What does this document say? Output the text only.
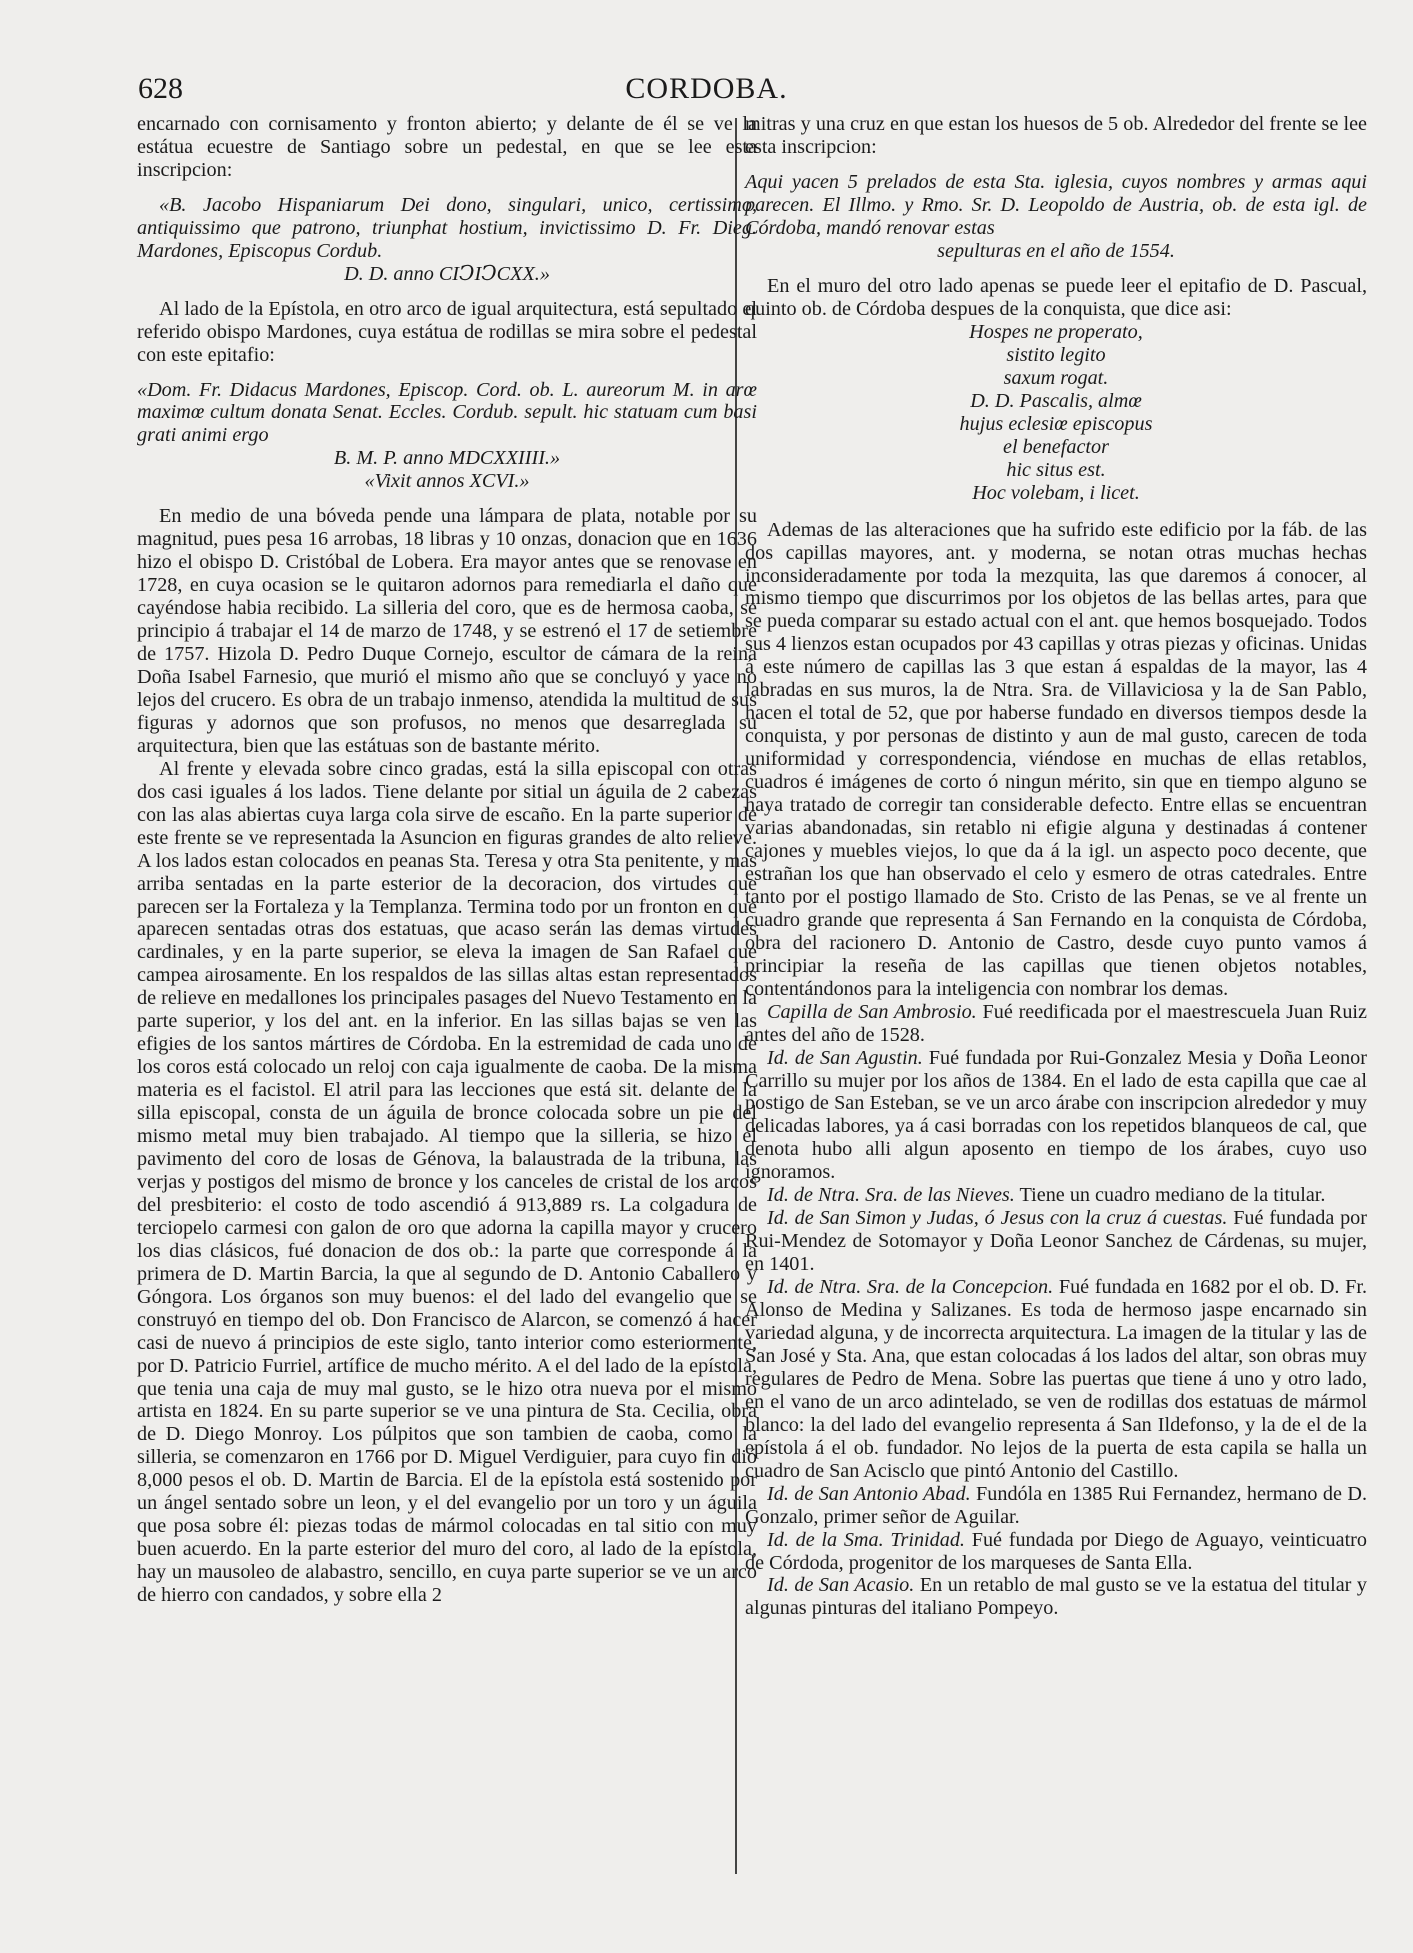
CORDOBA.
628

encarnado con cornisamento y fronton abierto; y delante de él se ve la estátua ecuestre de Santiago sobre un pedestal, en que se lee esta inscripcion:

«B. Jacobo Hispaniarum Dei dono, singulari, unico, certissimo, antiquissimo que patrono, triunphat hostium, invictissimo D. Fr. Dieg. Mardones, Episcopus Cordub.

D. D. anno CIↃIↃCXX.»

Al lado de la Epístola, en otro arco de igual arquitectura, está sepultado el referido obispo Mardones, cuya estátua de rodillas se mira sobre el pedestal con este epitafio:

«Dom. Fr. Didacus Mardones, Episcop. Cord. ob. L. aureorum M. in arœ maximœ cultum donata Senat. Eccles. Cordub. sepult. hic statuam cum basi grati animi ergo

B. M. P. anno MDCXXIIII.»

«Vixit annos XCVI.»

En medio de una bóveda pende una lámpara de plata, notable por su magnitud, pues pesa 16 arrobas, 18 libras y 10 onzas, donacion que en 1636 hizo el obispo D. Cristóbal de Lobera. Era mayor antes que se renovase en 1728, en cuya ocasion se le quitaron adornos para remediarla el daño que cayéndose habia recibido. La silleria del coro, que es de hermosa caoba, se principio á trabajar el 14 de marzo de 1748, y se estrenó el 17 de setiembre de 1757. Hizola D. Pedro Duque Cornejo, escultor de cámara de la reina Doña Isabel Farnesio, que murió el mismo año que se concluyó y yace no lejos del crucero. Es obra de un trabajo inmenso, atendida la multitud de sus figuras y adornos que son profusos, no menos que desarreglada su arquitectura, bien que las estátuas son de bastante mérito.

Al frente y elevada sobre cinco gradas, está la silla episcopal con otras dos casi iguales á los lados. Tiene delante por sitial un águila de 2 cabezas con las alas abiertas cuya larga cola sirve de escaño. En la parte superior de este frente se ve representada la Asuncion en figuras grandes de alto relieve. A los lados estan colocados en peanas Sta. Teresa y otra Sta penitente, y mas arriba sentadas en la parte esterior de la decoracion, dos virtudes que parecen ser la Fortaleza y la Templanza. Termina todo por un fronton en que aparecen sentadas otras dos estatuas, que acaso serán las demas virtudes cardinales, y en la parte superior, se eleva la imagen de San Rafael que campea airosamente. En los respaldos de las sillas altas estan representados de relieve en medallones los principales pasages del Nuevo Testamento en la parte superior, y los del ant. en la inferior. En las sillas bajas se ven las efigies de los santos mártires de Córdoba. En la estremidad de cada uno de los coros está colocado un reloj con caja igualmente de caoba. De la misma materia es el facistol. El atril para las lecciones que está sit. delante de la silla episcopal, consta de un águila de bronce colocada sobre un pie del mismo metal muy bien trabajado. Al tiempo que la silleria, se hizo el pavimento del coro de losas de Génova, la balaustrada de la tribuna, las verjas y postigos del mismo de bronce y los canceles de cristal de los arcos del presbiterio: el costo de todo ascendió á 913,889 rs. La colgadura de terciopelo carmesi con galon de oro que adorna la capilla mayor y crucero los dias clásicos, fué donacion de dos ob.: la parte que corresponde á la primera de D. Martin Barcia, la que al segundo de D. Antonio Caballero y Góngora. Los órganos son muy buenos: el del lado del evangelio que se construyó en tiempo del ob. Don Francisco de Alarcon, se comenzó á hacer casi de nuevo á principios de este siglo, tanto interior como esteriormente, por D. Patricio Furriel, artífice de mucho mérito. A el del lado de la epístola, que tenia una caja de muy mal gusto, se le hizo otra nueva por el mismo artista en 1824. En su parte superior se ve una pintura de Sta. Cecilia, obra de D. Diego Monroy. Los púlpitos que son tambien de caoba, como la silleria, se comenzaron en 1766 por D. Miguel Verdiguier, para cuyo fin dió 8,000 pesos el ob. D. Martin de Barcia. El de la epístola está sostenido por un ángel sentado sobre un leon, y el del evangelio por un toro y un águila que posa sobre él: piezas todas de mármol colocadas en tal sitio con muy buen acuerdo. En la parte esterior del muro del coro, al lado de la epístola, hay un mausoleo de alabastro, sencillo, en cuya parte superior se ve un arco de hierro con candados, y sobre ella 2

mitras y una cruz en que estan los huesos de 5 ob. Alrededor del frente se lee esta inscripcion:

Aqui yacen 5 prelados de esta Sta. iglesia, cuyos nombres y armas aqui parecen. El Illmo. y Rmo. Sr. D. Leopoldo de Austria, ob. de esta igl. de Córdoba, mandó renovar estas

sepulturas en el año de 1554.

En el muro del otro lado apenas se puede leer el epitafio de D. Pascual, quinto ob. de Córdoba despues de la conquista, que dice asi:

Hospes ne properato,
sistito legito
saxum rogat.
D. D. Pascalis, almœ
hujus eclesiœ episcopus
el benefactor
hic situs est.
Hoc volebam, i licet.

Ademas de las alteraciones que ha sufrido este edificio por la fáb. de las dos capillas mayores, ant. y moderna, se notan otras muchas hechas inconsideradamente por toda la mezquita, las que daremos á conocer, al mismo tiempo que discurrimos por los objetos de las bellas artes, para que se pueda comparar su estado actual con el ant. que hemos bosquejado. Todos sus 4 lienzos estan ocupados por 43 capillas y otras piezas y oficinas. Unidas á este número de capillas las 3 que estan á espaldas de la mayor, las 4 labradas en sus muros, la de Ntra. Sra. de Villaviciosa y la de San Pablo, hacen el total de 52, que por haberse fundado en diversos tiempos desde la conquista, y por personas de distinto y aun de mal gusto, carecen de toda uniformidad y correspondencia, viéndose en muchas de ellas retablos, cuadros é imágenes de corto ó ningun mérito, sin que en tiempo alguno se haya tratado de corregir tan considerable defecto. Entre ellas se encuentran varias abandonadas, sin retablo ni efigie alguna y destinadas á contener cajones y muebles viejos, lo que da á la igl. un aspecto poco decente, que estrañan los que han observado el celo y esmero de otras catedrales. Entre tanto por el postigo llamado de Sto. Cristo de las Penas, se ve al frente un cuadro grande que representa á San Fernando en la conquista de Córdoba, obra del racionero D. Antonio de Castro, desde cuyo punto vamos á principiar la reseña de las capillas que tienen objetos notables, contentándonos para la inteligencia con nombrar los demas.

Capilla de San Ambrosio. Fué reedificada por el maestrescuela Juan Ruiz antes del año de 1528.

Id. de San Agustin. Fué fundada por Rui-Gonzalez Mesia y Doña Leonor Carrillo su mujer por los años de 1384. En el lado de esta capilla que cae al postigo de San Esteban, se ve un arco árabe con inscripcion alrededor y muy delicadas labores, ya á casi borradas con los repetidos blanqueos de cal, que denota hubo alli algun aposento en tiempo de los árabes, cuyo uso ignoramos.

Id. de Ntra. Sra. de las Nieves. Tiene un cuadro mediano de la titular.

Id. de San Simon y Judas, ó Jesus con la cruz á cuestas. Fué fundada por Rui-Mendez de Sotomayor y Doña Leonor Sanchez de Cárdenas, su mujer, en 1401.

Id. de Ntra. Sra. de la Concepcion. Fué fundada en 1682 por el ob. D. Fr. Alonso de Medina y Salizanes. Es toda de hermoso jaspe encarnado sin variedad alguna, y de incorrecta arquitectura. La imagen de la titular y las de San José y Sta. Ana, que estan colocadas á los lados del altar, son obras muy regulares de Pedro de Mena. Sobre las puertas que tiene á uno y otro lado, en el vano de un arco adintelado, se ven de rodillas dos estatuas de mármol blanco: la del lado del evangelio representa á San Ildefonso, y la de el de la epístola á el ob. fundador. No lejos de la puerta de esta capila se halla un cuadro de San Acisclo que pintó Antonio del Castillo.

Id. de San Antonio Abad. Fundóla en 1385 Rui Fernandez, hermano de D. Gonzalo, primer señor de Aguilar.

Id. de la Sma. Trinidad. Fué fundada por Diego de Aguayo, veinticuatro de Córdoda, progenitor de los marqueses de Santa Ella.

Id. de San Acasio. En un retablo de mal gusto se ve la estatua del titular y algunas pinturas del italiano Pompeyo.
